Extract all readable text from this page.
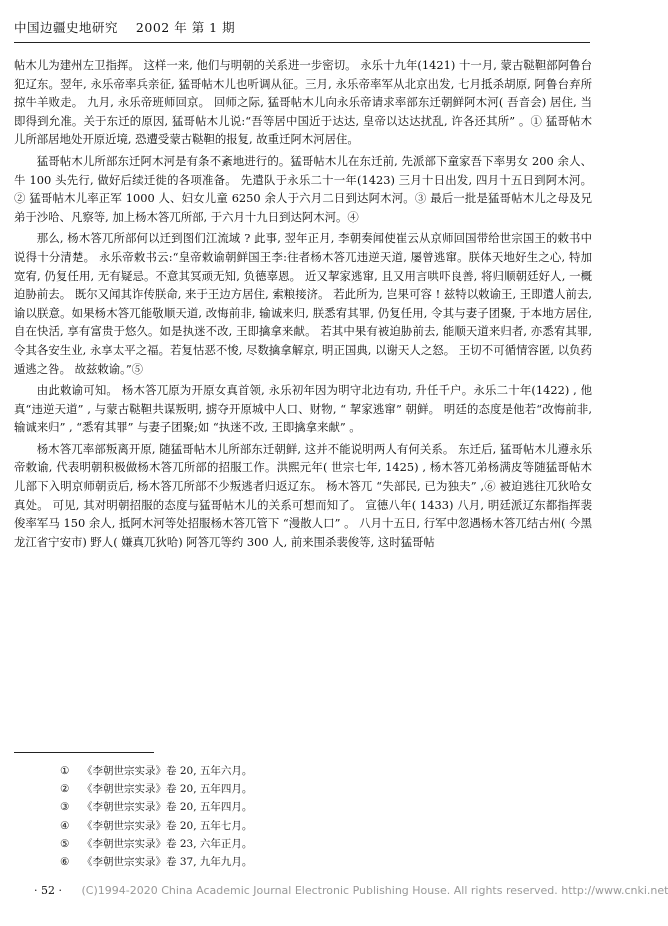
中国边疆史地研究 2002 年 第 1 期

帖木儿为建州左卫指挥。 这样一来, 他们与明朝的关系进一步密切。 永乐十九年(1421) 十一月, 蒙古鞑靼部阿鲁台犯辽东。翌年, 永乐帝率兵亲征, 猛哥帖木儿也听调从征。三月, 永乐帝率军从北京出发, 七月抵杀胡原, 阿鲁台弃所掠牛羊败走。 九月, 永乐帝班师回京。 回师之际, 猛哥帖木儿向永乐帝请求率部东迁朝鲜阿木河( 吾音会) 居住, 当即得到允准。关于东迁的原因, 猛哥帖木儿说:“吾等居中国近于达达, 皇帝以达达扰乱, 许各还其所” 。① 猛哥帖木儿所部居地处开原近境, 恐遭受蒙古鞑靼的报复, 故重迁阿木河居住。

猛哥帖木儿所部东迁阿木河是有条不紊地进行的。猛哥帖木儿在东迁前, 先派部下童家吾下率男女 200 余人、牛 100 头先行, 做好后续迁徙的各项准备。 先遣队于永乐二十一年(1423) 三月十日出发, 四月十五日到阿木河。② 猛哥帖木儿率正军 1000 人、妇女儿童 6250 余人于六月二日到达阿木河。③ 最后一批是猛哥帖木儿之母及兄弟于沙哈、凡察等, 加上杨木答兀所部, 于六月十九日到达阿木河。④

那么, 杨木答兀所部何以迁到图们江流域 ? 此事, 翌年正月, 李朝奏闻使崔云从京师回国带给世宗国王的敕书中说得十分清楚。 永乐帝敕书云:“皇帝敕谕朝鲜国王李:往者杨木答兀违逆天道, 屡曾逃窜。朕体天地好生之心, 特加宽宥, 仍复任用, 无有疑忌。不意其冥顽无知, 负德辜恩。 近又挈家逃窜, 且又用言哄吓良善, 将归顺朝廷好人, 一概迫胁前去。 既尔又闻其诈传朕命, 来于王边方居住, 索粮接济。 若此所为, 岂果可容 ! 兹特以敕谕王, 王即遣人前去, 谕以朕意。如果杨木答兀能敬顺天道, 改悔前非, 输诚来归, 朕悉宥其罪, 仍复任用, 令其与妻子团聚, 于本地方居住, 自在快活, 享有富贵于悠久。如是执迷不改, 王即擒拿来献。 若其中果有被迫胁前去, 能顺天道来归者, 亦悉宥其罪, 令其各安生业, 永享太平之福。若复怙恶不悛, 尽数擒拿解京, 明正国典, 以谢天人之怒。 王切不可循情容匿, 以负药遁逃之咎。 故兹敕谕。”⑤

由此敕谕可知。 杨木答兀原为开原女真首领, 永乐初年因为明守北边有功, 升任千户。永乐二十年(1422) , 他真“违逆天道” , 与蒙古鞑靼共谋叛明, 掳夺开原城中人口、财物, “ 挈家逃窜” 朝鲜。 明廷的态度是他若“改悔前非, 输诚来归” , “悉宥其罪” 与妻子团聚;如 “执迷不改, 王即擒拿来献” 。

杨木答兀率部叛离开原, 随猛哥帖木儿所部东迁朝鲜, 这并不能说明两人有何关系。 东迁后, 猛哥帖木儿遵永乐帝敕谕, 代表明朝积极做杨木答兀所部的招服工作。洪熙元年( 世宗七年, 1425) , 杨木答兀弟杨满皮等随猛哥帖木儿部下入明京师朝贡后, 杨木答兀所部不少叛逃者归返辽东。 杨木答兀 “失部民, 已为独夫” ,⑥ 被迫逃往兀狄哈女真处。 可见, 其对明朝招服的态度与猛哥帖木儿的关系可想而知了。 宣德八年( 1433) 八月, 明廷派辽东都指挥裴俊率军马 150 余人, 抵阿木河等处招服杨木答兀管下 “漫散人口” 。 八月十五日, 行军中忽遇杨木答兀结古州( 今黑龙江省宁安市) 野人( 嫌真兀狄哈) 阿答兀等约 300 人, 前来围杀裴俊等, 这时猛哥帖

① 《李朝世宗实录》卷 20, 五年六月。
② 《李朝世宗实录》卷 20, 五年四月。
③ 《李朝世宗实录》卷 20, 五年四月。
④ 《李朝世宗实录》卷 20, 五年七月。
⑤ 《李朝世宗实录》卷 23, 六年正月。
⑥ 《李朝世宗实录》卷 37, 九年九月。
· 52 · (C)1994-2020 China Academic Journal Electronic Publishing House. All rights reserved. http://www.cnki.net
